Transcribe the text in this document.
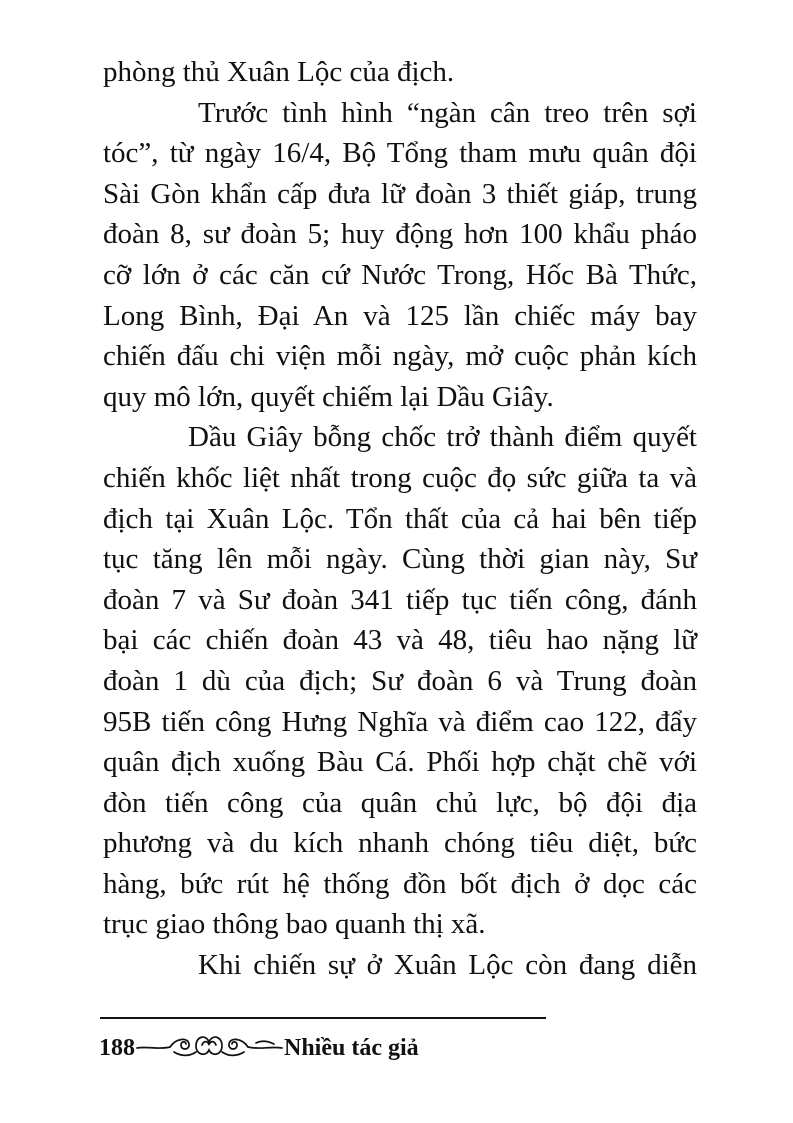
phòng thủ Xuân Lộc của địch.
Trước tình hình “ngàn cân treo trên sợi
tóc”, từ ngày 16/4, Bộ Tổng tham mưu quân đội
Sài Gòn khẩn cấp đưa lữ đoàn 3 thiết giáp, trung
đoàn 8, sư đoàn 5; huy động hơn 100 khẩu pháo
cỡ lớn ở các căn cứ Nước Trong, Hốc Bà Thức,
Long Bình, Đại An và 125 lần chiếc máy bay
chiến đấu chi viện mỗi ngày, mở cuộc phản kích
quy mô lớn, quyết chiếm lại Dầu Giây.
Dầu Giây bỗng chốc trở thành điểm quyết
chiến khốc liệt nhất trong cuộc đọ sức giữa ta và
địch tại Xuân Lộc. Tổn thất của cả hai bên tiếp
tục tăng lên mỗi ngày. Cùng thời gian này, Sư
đoàn 7 và Sư đoàn 341 tiếp tục tiến công, đánh
bại các chiến đoàn 43 và 48, tiêu hao nặng lữ
đoàn 1 dù của địch; Sư đoàn 6 và Trung đoàn
95B tiến công Hưng Nghĩa và điểm cao 122, đẩy
quân địch xuống Bàu Cá. Phối hợp chặt chẽ với
đòn tiến công của quân chủ lực, bộ đội địa
phương và du kích nhanh chóng tiêu diệt, bức
hàng, bức rút hệ thống đồn bốt địch ở dọc các
trục giao thông bao quanh thị xã.
Khi chiến sự ở Xuân Lộc còn đang diễn
188	Nhiều tác giả
